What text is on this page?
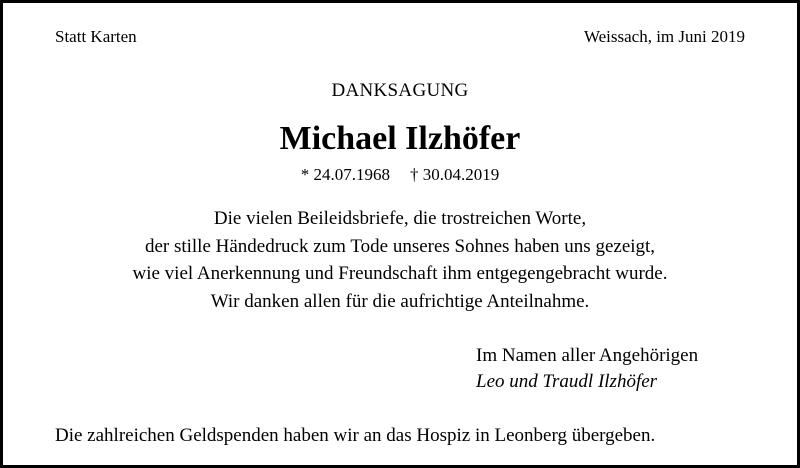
Statt Karten	Weissach, im Juni 2019

DANKSAGUNG

Michael Ilzhöfer

* 24.07.1968 † 30.04.2019

Die vielen Beileidsbriefe, die trostreichen Worte,
der stille Händedruck zum Tode unseres Sohnes haben uns gezeigt,
wie viel Anerkennung und Freundschaft ihm entgegengebracht wurde.
Wir danken allen für die aufrichtige Anteilnahme.
Im Namen aller Angehörigen
Leo und Traudl Ilzhöfer

Die zahlreichen Geldspenden haben wir an das Hospiz in Leonberg übergeben.
